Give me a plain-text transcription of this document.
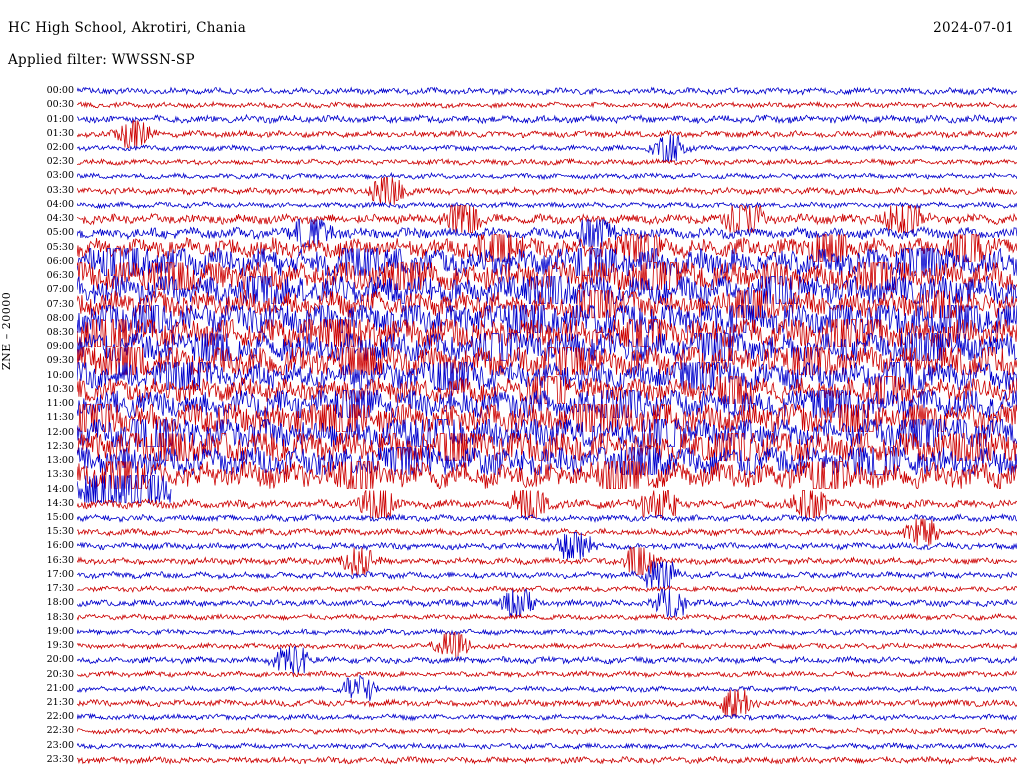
HC High School, Akrotiri, Chania	2024-07-01
Applied filter: WWSSN-SP
ZNE – 20000
00:00
00:30
01:00
01:30
02:00
02:30
03:00
03:30
04:00
04:30
05:00
05:30
06:00
06:30
07:00
07:30
08:00
08:30
09:00
09:30
10:00
10:30
11:00
11:30
12:00
12:30
13:00
13:30
14:00
14:30
15:00
15:30
16:00
16:30
17:00
17:30
18:00
18:30
19:00
19:30
20:00
20:30
21:00
21:30
22:00
22:30
23:00
23:30
